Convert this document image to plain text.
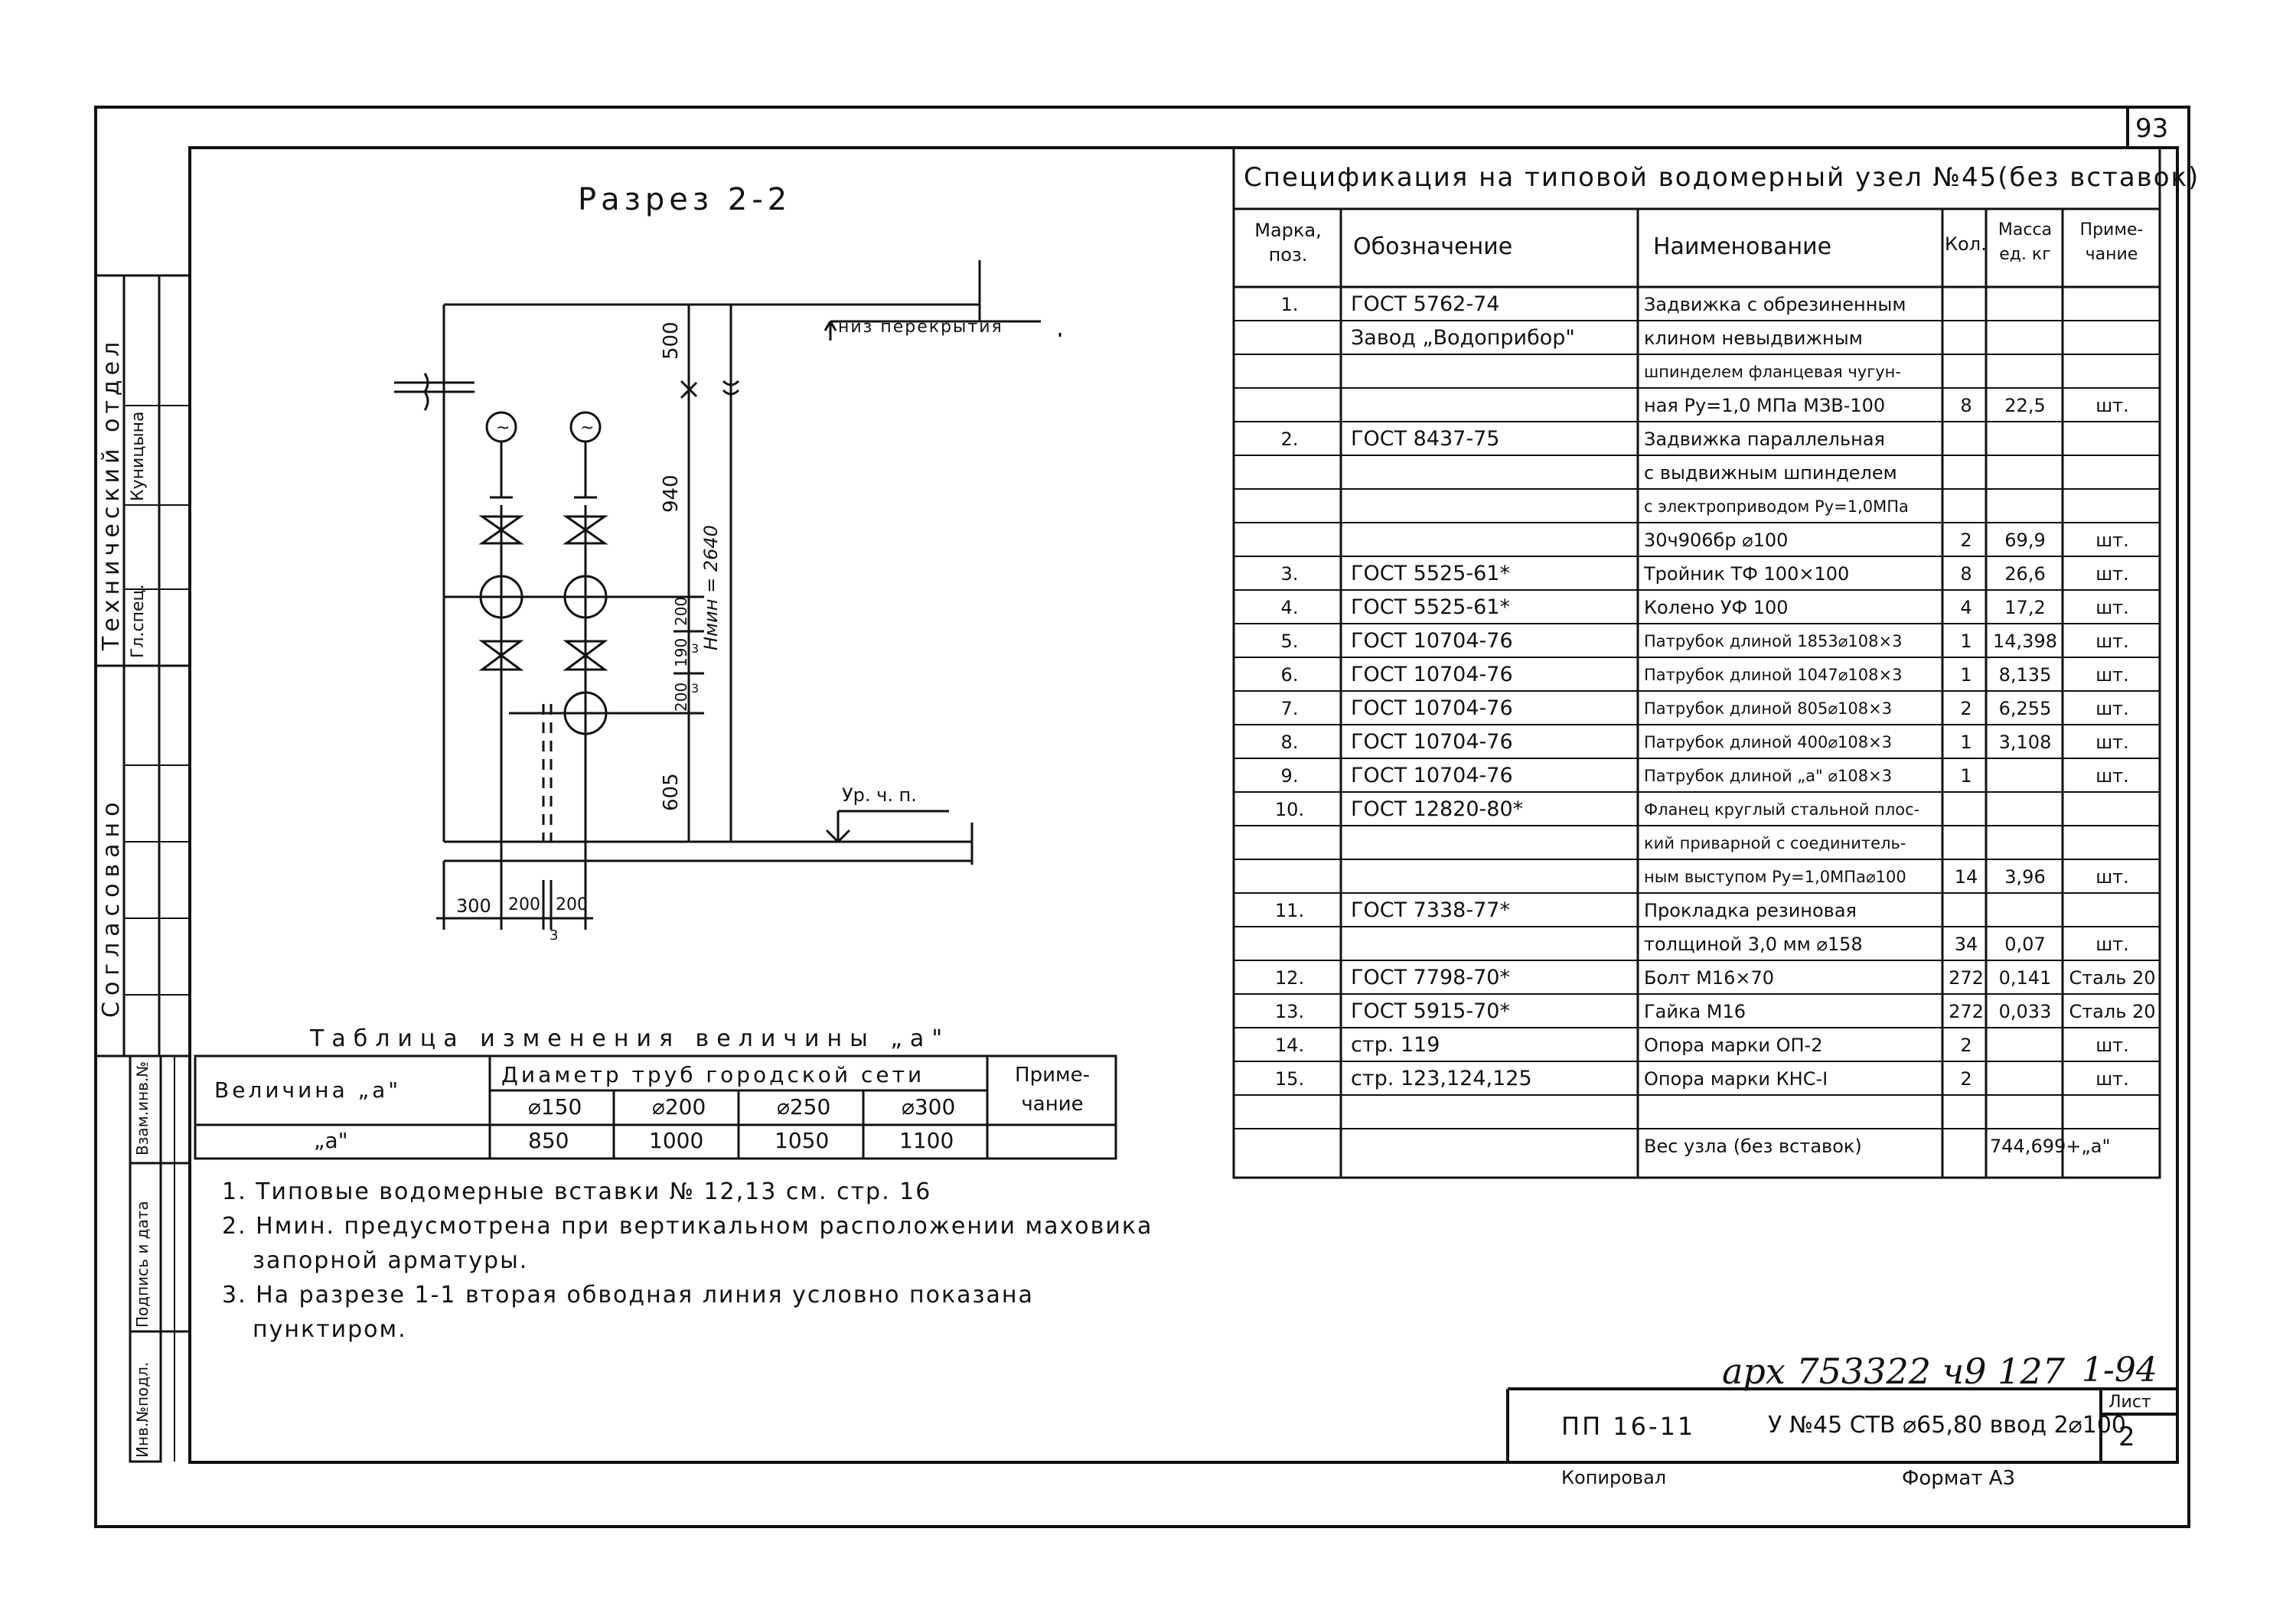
~	~
93
Разрез 2-2
низ перекрытия
Ур. ч. п.
500
940
200
190 3
3
200
605
Hмин = 2640
300 200 200
3
Технический отдел Гл.спец.
Куницына
Согласовано
Взам.инв.№
Подпись и дата
Инв.№подл.
Спецификация на типовой водомерный узел №45(без вставок)
Марка, поз.	Обозначение	Наименование	Кол.
Масса ед. кг
Приме-чание
1.	ГОСТ 5762-74	Задвижка с обрезиненным
Завод „Водоприбор"	клином невыдвижным
шпинделем фланцевая чугун-
ная Pу=1,0 МПа МЗВ-100	8	22,5	шт.
2.	ГОСТ 8437-75	Задвижка параллельная
с выдвижным шпинделем
с электроприводом Pу=1,0МПа
30ч906бр ⌀100	2	69,9	шт.
3.	ГОСТ 5525-61*	Тройник ТФ 100×100	8	26,6	шт.
4.	ГОСТ 5525-61*	Колено УФ 100	4	17,2	шт.
5.	ГОСТ 10704-76	Патрубок длиной 1853⌀108×3	1	14,398	шт.
6.	ГОСТ 10704-76	Патрубок длиной 1047⌀108×3	1	8,135	шт.
7.	ГОСТ 10704-76	Патрубок длиной 805⌀108×3	2	6,255	шт.
8.	ГОСТ 10704-76	Патрубок длиной 400⌀108×3	1	3,108	шт.
9.	ГОСТ 10704-76	Патрубок длиной „а" ⌀108×3	1	шт.
10.	ГОСТ 12820-80*	Фланец круглый стальной плос-
кий приварной с соединитель-
ным выступом Pу=1,0МПа⌀100	14	3,96	шт.
11.	ГОСТ 7338-77*	Прокладка резиновая
толщиной 3,0 мм ⌀158	34	0,07	шт.
12.	ГОСТ 7798-70*	Болт М16×70	272 0,141 Сталь 20
13.	ГОСТ 5915-70*	Гайка М16	272 0,033 Сталь 20
14.	стр. 119	Опора марки ОП-2	2	шт.
15.	стр. 123,124,125	Опора марки КНС-I	2	шт.
Вес узла (без вставок)	744,699+„а"
Таблица изменения величины „а"
Величина „а"
Диаметр труб городской сети	Приме-чание
⌀150	⌀200	⌀250	⌀300
„а"	850	1000	1050	1100
1. Типовые водомерные вставки № 12,13 см. стр. 16
2. Hмин. предусмотрена при вертикальном расположении маховика
запорной арматуры.
3. На разрезе 1-1 вторая обводная линия условно показана
пунктиром.
арх 753322 ч9 127 1-94
ПП 16-11	У №45 СТВ ⌀65,80 ввод 2⌀100
Лист
2
Копировал	Формат А3
